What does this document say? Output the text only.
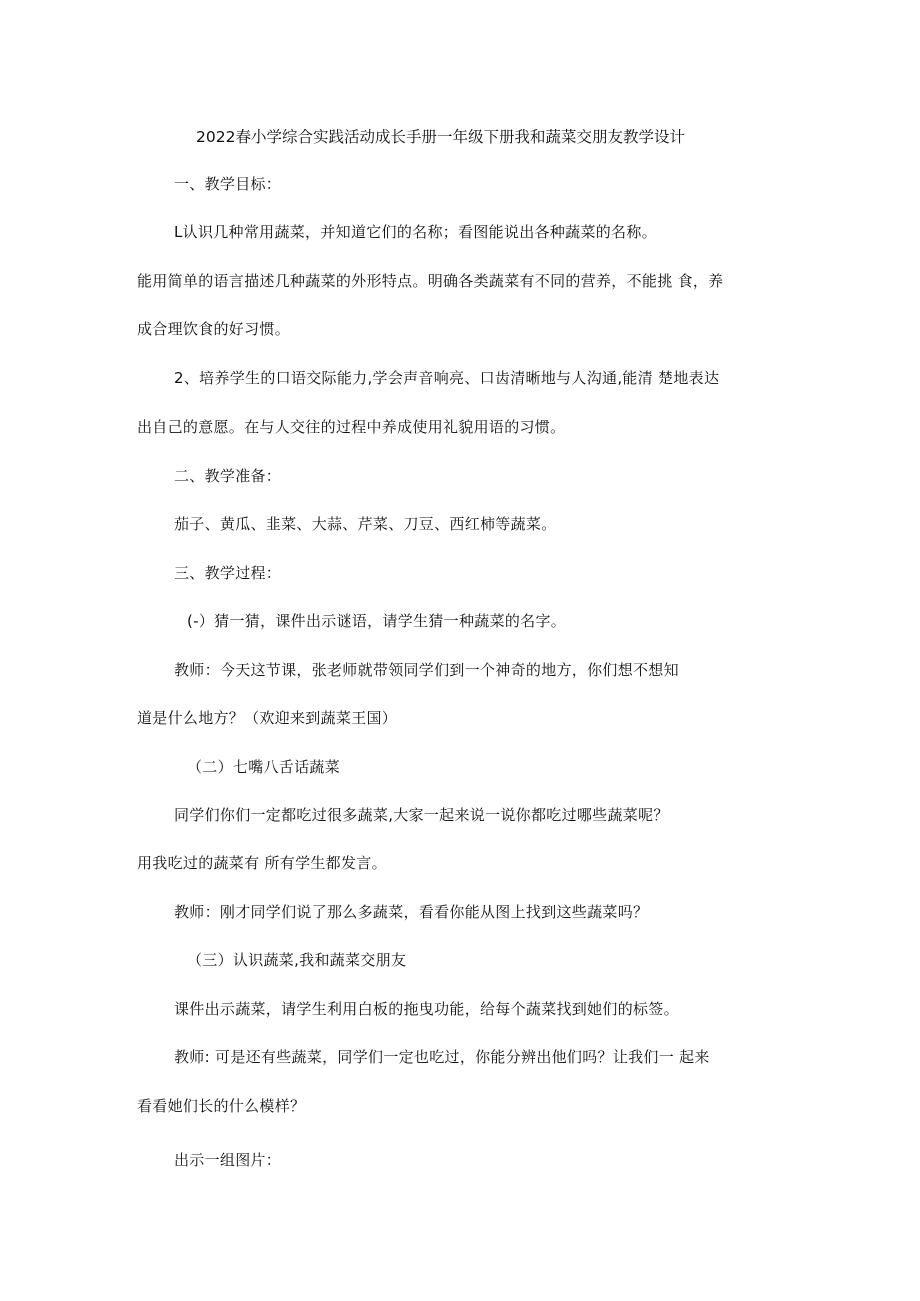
2022春小学综合实践活动成长手册一年级下册我和蔬菜交朋友教学设计
一、教学目标：
L认识几种常用蔬菜，并知道它们的名称；看图能说出各种蔬菜的名称。
能用简单的语言描述几种蔬菜的外形特点。明确各类蔬菜有不同的营养，不能挑 食，养
成合理饮食的好习惯。
2、培养学生的口语交际能力,学会声音响亮、口齿清晰地与人沟通,能清 楚地表达
出自己的意愿。在与人交往的过程中养成使用礼貌用语的习惯。
二、教学准备：
茄子、黄瓜、韭菜、大蒜、芹菜、刀豆、西红柿等蔬菜。
三、教学过程：
(-）猜一猜，课件出示谜语，请学生猜一种蔬菜的名字。
教师：今天这节课，张老师就带领同学们到一个神奇的地方，你们想不想知
道是什么地方？（欢迎来到蔬菜王国）
（二）七嘴八舌话蔬菜
同学们你们一定都吃过很多蔬菜,大家一起来说一说你都吃过哪些蔬菜呢？
用我吃过的蔬菜有 所有学生都发言。
教师：刚才同学们说了那么多蔬菜，看看你能从图上找到这些蔬菜吗？
（三）认识蔬菜,我和蔬菜交朋友
课件出示蔬菜，请学生利用白板的拖曳功能，给每个蔬菜找到她们的标签。
教师: 可是还有些蔬菜，同学们一定也吃过，你能分辨出他们吗？让我们一 起来
看看她们长的什么模样？
出示一组图片：
